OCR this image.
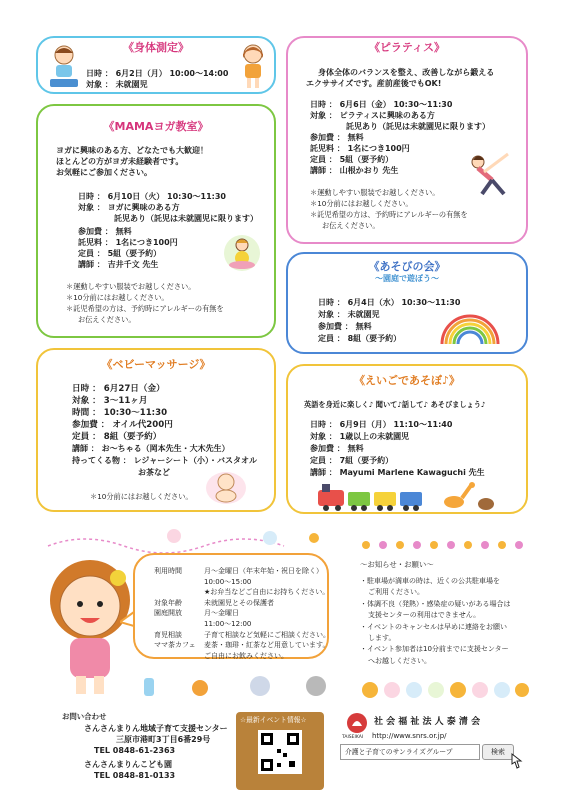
《身体測定》
日時 ： 6月2日（月） 10:00～14:00
対象 ： 未就園児
《ピラティス》
身体全体のバランスを整え、改善しながら鍛える
エクササイズです。産前産後でもOK!
日時 ： 6月6日（金） 10:30～11:30
対象 ： ピラティスに興味のある方
託児あり（託児は未就園児に限ります）
参加費 ： 無料
託児料 ： 1名につき100円
定員 ： 5組（要予約）
講師 ： 山根かおり 先生
＊運動しやすい服装でお越しください。
＊10分前にはお越しください。
＊託児希望の方は、予約時にアレルギーの有無を
お伝えください。
《MAMAヨガ教室》
ヨガに興味のある方、どなたでも大歓迎！
ほとんどの方がヨガ未経験者です。
お気軽にご参加ください。
日時 ： 6月10日（火） 10:30～11:30
対象 ： ヨガに興味のある方
託児あり（託児は未就園児に限ります）
参加費 ： 無料
託児料 ： 1名につき100円
定員 ： 5組（要予約）
講師 ： 吉井千文 先生
＊運動しやすい服装でお越しください。
＊10分前にはお越しください。
＊託児希望の方は、予約時にアレルギーの有無を
お伝えください。
《あそびの会》
～園庭で遊ぼう～
日時 ： 6月4日（水） 10:30～11:30
対象 ： 未就園児
参加費 ： 無料
定員 ： 8組（要予約）
《ベビーマッサージ》
日時 ： 6月27日（金）
対象 ： 3～11ヶ月
時間 ： 10:30～11:30
参加費 ： オイル代200円
定員 ： 8組（要予約）
講師 ： お～ちゃる（岡本先生・大木先生）
持ってくる物 ： レジャーシート（小）・バスタオル
お茶など
＊10分前にはお越しください。
《えいごであそぼ♪》
英語を身近に楽しく♪ 聞いて♪話して♪ あそびましょう♪
日時 ： 6月9日（月） 11:10～11:40
対象 ： 1歳以上の未就園児
参加費 ： 無料
定員 ： 7組（要予約）
講師 ： Mayumi Marlene Kawaguchi 先生
利用時間	月～金曜日（年末年始・祝日を除く）
10:00～15:00
★お弁当などご自由にお持ちください。
対象年齢	未就園児とその保護者
園庭開放	月～金曜日
11:00～12:00
育児相談	子育て相談など気軽にご相談ください。
ママ茶カフェ	麦茶・珈琲・紅茶など用意しています。
ご自由にお飲みください。
～お知らせ・お願い～
・駐車場が満車の時は、近くの公共駐車場を
ご利用ください。
・体調不良（発熱）・感染症の疑いがある場合は
支援センターの利用はできません。
・イベントのキャンセルは早めに連絡をお願い
します。
・イベント参加者は10分前までに支援センター
へお越しください。
お問い合わせ
さんさんまりん地域子育て支援センター
三原市港町3丁目6番29号
TEL 0848-61-2363
さんさんまりんこども園
TEL 0848-81-0133
☆最新イベント情報☆
TAISEIKAI
社 会 福 祉 法 人 泰 清 会
http://www.snrs.or.jp/
介護と子育てのサンライズグループ	検索
